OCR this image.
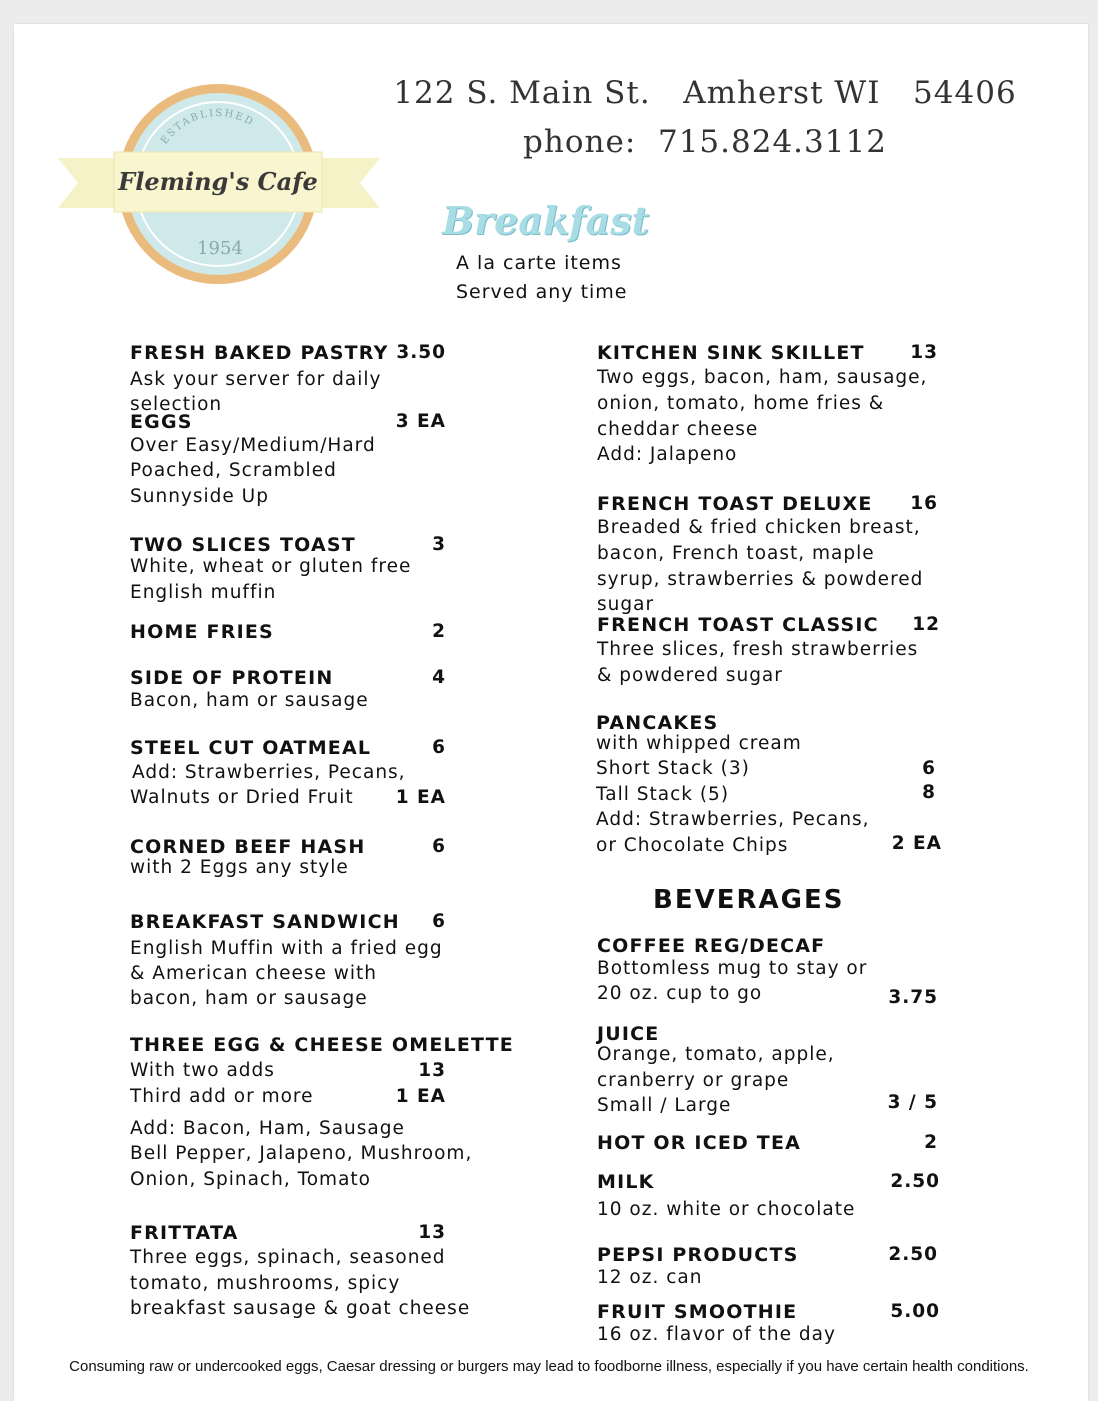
ESTABLISHED
Fleming's Cafe
1954
122 S. Main St.   Amherst WI   54406
phone:  715.824.3112
Breakfast
A la carte items
Served any time
FRESH BAKED PASTRY 3.50
Ask your server for daily
selection
EGGS	3 EA
Over Easy/Medium/Hard
Poached, Scrambled
Sunnyside Up
TWO SLICES TOAST	3
White, wheat or gluten free
English muffin
HOME FRIES	2
SIDE OF PROTEIN	4
Bacon, ham or sausage
STEEL CUT OATMEAL	6
Add: Strawberries, Pecans,
Walnuts or Dried Fruit	1 EA
CORNED BEEF HASH	6
with 2 Eggs any style
BREAKFAST SANDWICH	6
English Muffin with a fried egg
& American cheese with
bacon, ham or sausage
THREE EGG & CHEESE OMELETTE
With two adds	13
Third add or more	1 EA
Add: Bacon, Ham, Sausage
Bell Pepper, Jalapeno, Mushroom,
Onion, Spinach, Tomato
FRITTATA	13
Three eggs, spinach, seasoned
tomato, mushrooms, spicy
breakfast sausage & goat cheese
KITCHEN SINK SKILLET	13
Two eggs, bacon, ham, sausage,
onion, tomato, home fries &
cheddar cheese
Add: Jalapeno
FRENCH TOAST DELUXE	16
Breaded & fried chicken breast,
bacon, French toast, maple
syrup, strawberries & powdered
sugar
FRENCH TOAST CLASSIC	12
Three slices, fresh strawberries
& powdered sugar
PANCAKES
with whipped cream
Short Stack (3)	6
Tall Stack (5)	8
Add: Strawberries, Pecans,
or Chocolate Chips	2 EA
BEVERAGES
COFFEE REG/DECAF
Bottomless mug to stay or
20 oz. cup to go	3.75
JUICE
Orange, tomato, apple,
cranberry or grape
Small / Large	3 / 5
HOT OR ICED TEA	2
MILK	2.50
10 oz. white or chocolate
PEPSI PRODUCTS	2.50
12 oz. can
FRUIT SMOOTHIE	5.00
16 oz. flavor of the day
Consuming raw or undercooked eggs, Caesar dressing or burgers may lead to foodborne illness, especially if you have certain health conditions.
